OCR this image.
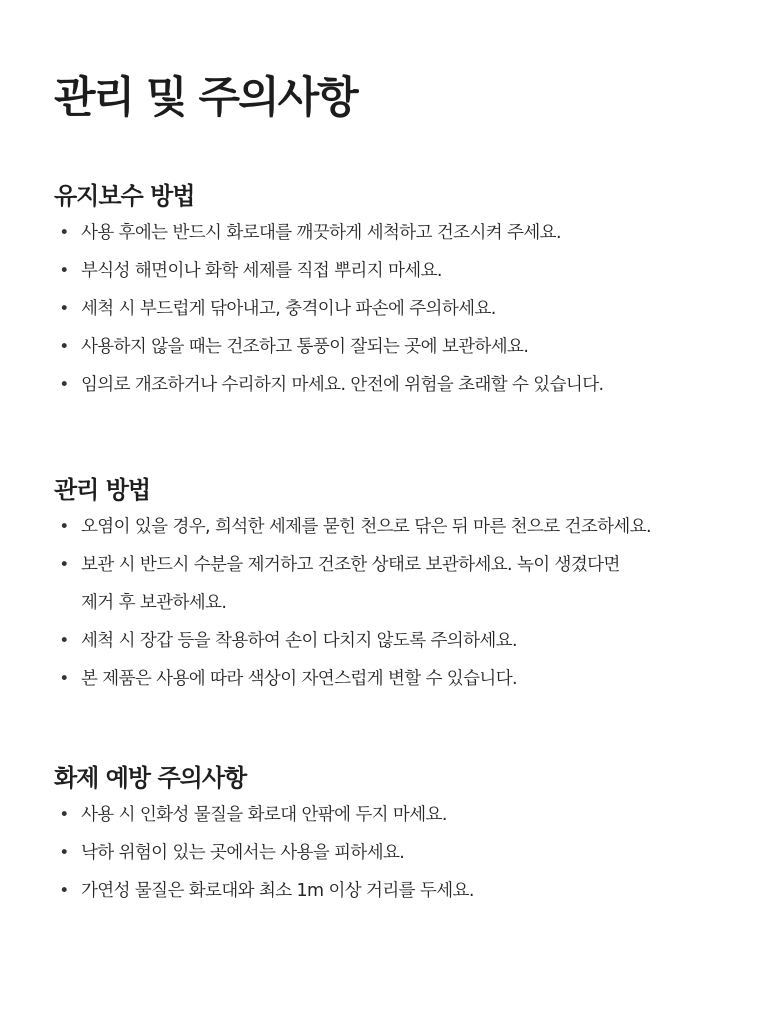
관리 및 주의사항
유지보수 방법
• 사용 후에는 반드시 화로대를 깨끗하게 세척하고 건조시켜 주세요.
• 부식성 해면이나 화학 세제를 직접 뿌리지 마세요.
• 세척 시 부드럽게 닦아내고, 충격이나 파손에 주의하세요.
• 사용하지 않을 때는 건조하고 통풍이 잘되는 곳에 보관하세요.
• 임의로 개조하거나 수리하지 마세요. 안전에 위험을 초래할 수 있습니다.
관리 방법
• 오염이 있을 경우, 희석한 세제를 묻힌 천으로 닦은 뒤 마른 천으로 건조하세요.
• 보관 시 반드시 수분을 제거하고 건조한 상태로 보관하세요. 녹이 생겼다면
제거 후 보관하세요.
• 세척 시 장갑 등을 착용하여 손이 다치지 않도록 주의하세요.
• 본 제품은 사용에 따라 색상이 자연스럽게 변할 수 있습니다.
화제 예방 주의사항
• 사용 시 인화성 물질을 화로대 안팎에 두지 마세요.
• 낙하 위험이 있는 곳에서는 사용을 피하세요.
• 가연성 물질은 화로대와 최소 1m 이상 거리를 두세요.
